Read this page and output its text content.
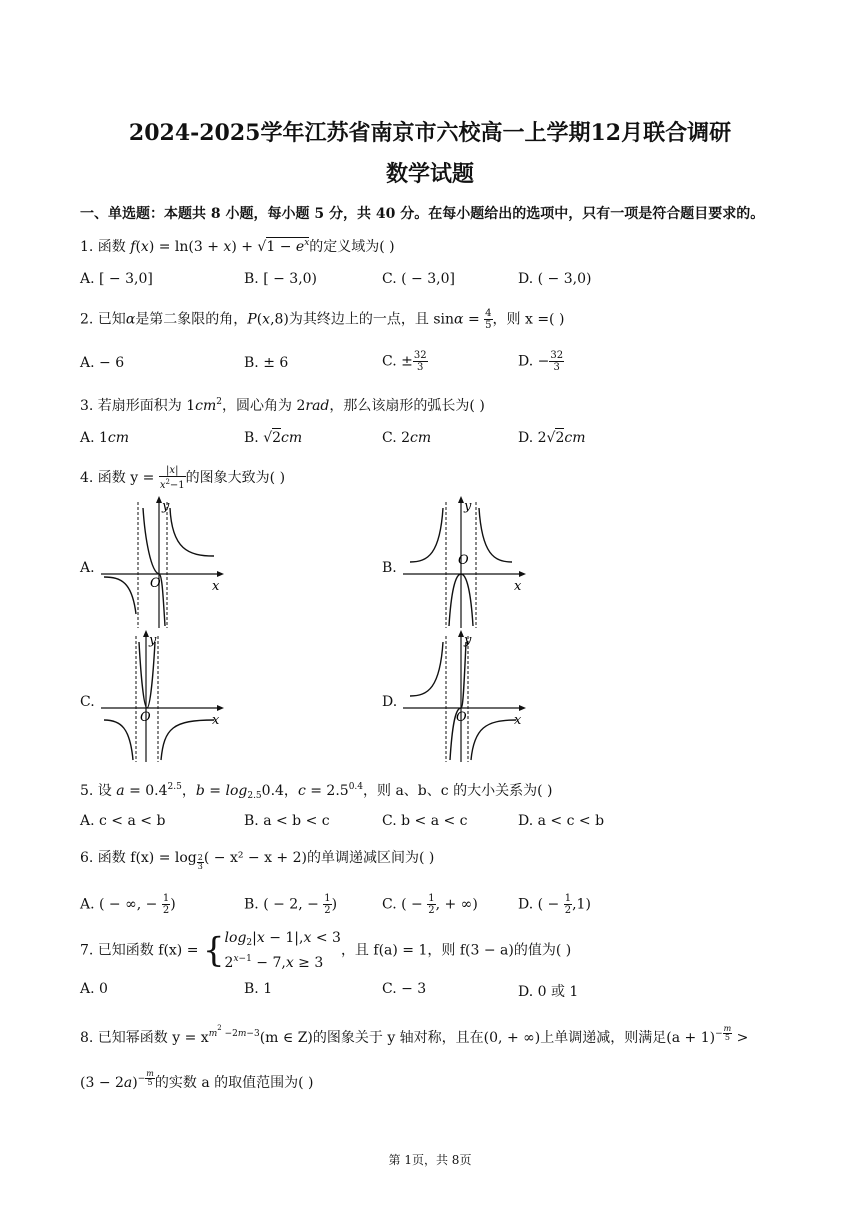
2024-2025学年江苏省南京市六校高一上学期12月联合调研
数学试题
一、单选题：本题共 8 小题，每小题 5 分，共 40 分。在每小题给出的选项中，只有一项是符合题目要求的。
1. 函数 $f(x) = \ln(3 + x) + √1 - e^x$的定义域为( )
A. [ − 3,0]	B. [ − 3,0)	C. ( − 3,0]	D. ( − 3,0)
2. 已知α是第二象限的角，P(x,8)为其终边上的一点，且 $\sin\alpha = \frac{4}{5}$ ，则 x =( )
A. − 6	B. ± 6	C. ± $\frac{32}{3}$	D. − $\frac{32}{3}$
3. 若扇形面积为 $1cm^2$，圆心角为 2rad，那么该扇形的弧长为( )
A. 1cm	B. √2cm	C. 2cm	D. 2√2cm
4. 函数 $y = \frac{|x|}{x^2-1}$ 的图象大致为( )
A.	B.
C.	D.
O	x
y
O
x
y
O	x
y
O	x
y
5. 设 $a = 0.4^{2.5}$，$b = \log_{2.5}0.4$，$c = 2.5^{0.4}$，则 a、b、c 的大小关系为( )
A. c < a < b	B. a < b < c	C. b < a < c	D. a < c < b
6. 函数 f(x) = log $_{\frac{2}{3}}$ ( − x² − x + 2)的单调递减区间为( )
A. ( − ∞, − $\frac{1}{2}$ )	B. ( − 2, − $\frac{1}{2}$ )	C. ( − $\frac{1}{2}$ , + ∞)	D. ( − $\frac{1}{2} ,1$)
7. 已知函数 $f(x) = \{\log_2|x - 1|,x < 3$
$2^{x-1} - 7,x \ge 3$，且 f(a) = 1，则 f(3 − a)的值为( )
A. 0	B. 1	C. − 3	D. 0 或 1
8. 已知幂函数 $y = x^{m^2 -2m-3}(m$ ∈ Z)的图象关于 y 轴对称，且在(0, + ∞)上单调递减，则满足$(a + 1)^{- \frac{m}{5}}$ >
$(3 - 2a)^{- \frac{m}{5}}$ 的实数 a 的取值范围为( )
第 1页，共 8页
